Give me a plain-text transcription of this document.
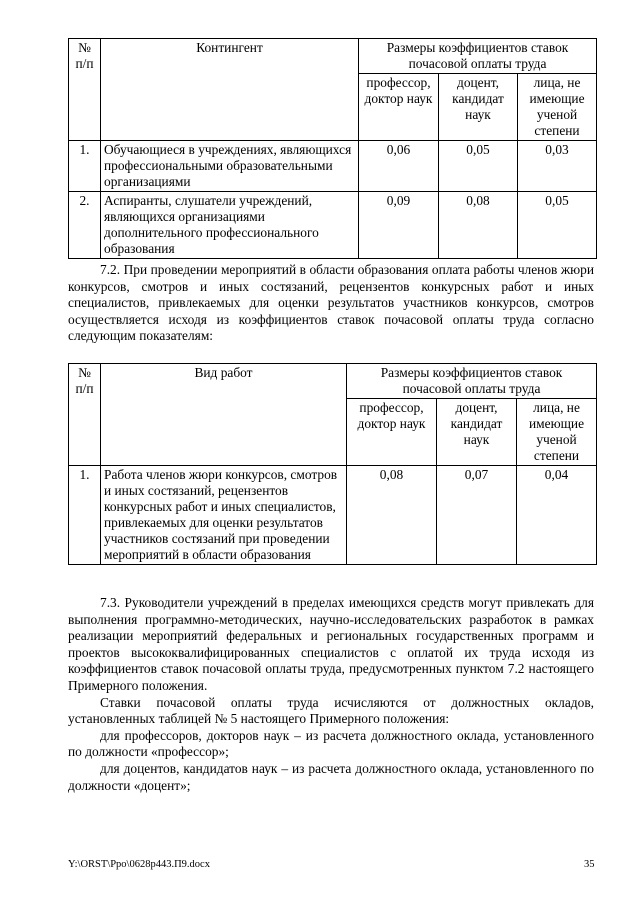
№ п/п	Контингент	Размеры коэффициентов ставок почасовой оплаты труда		
		профессор, доктор наук	доцент, кандидат наук	лица, не имеющие ученой степени
1.	Обучающиеся в учреждениях, являющихся профессиональными образовательными организациями	0,06	0,05	0,03
2.	Аспиранты, слушатели учреждений, являющихся организациями дополнительного профессионального образования	0,09	0,08	0,05

7.2. При проведении мероприятий в области образования оплата работы членов жюри конкурсов, смотров и иных состязаний, рецензентов конкурсных работ и иных специалистов, привлекаемых для оценки результатов участников конкурсов, смотров осуществляется исходя из коэффициентов ставок почасовой оплаты труда согласно следующим показателям:

№ п/п	Вид работ	Размеры коэффициентов ставок почасовой оплаты труда		
		профессор, доктор наук	доцент, кандидат наук	лица, не имеющие ученой степени
1.	Работа членов жюри конкурсов, смотров и иных состязаний, рецензентов конкурсных работ и иных специалистов, привлекаемых для оценки результатов участников состязаний при проведении мероприятий в области образования	0,08	0,07	0,04

7.3. Руководители учреждений в пределах имеющихся средств могут привлекать для выполнения программно-методических, научно-исследовательских разработок в рамках реализации мероприятий федеральных и региональных государственных программ и проектов высококвалифицированных специалистов с оплатой их труда исходя из коэффициентов ставок почасовой оплаты труда, предусмотренных пунктом 7.2 настоящего Примерного положения.

Ставки почасовой оплаты труда исчисляются от должностных окладов, установленных таблицей № 5 настоящего Примерного положения:

для профессоров, докторов наук – из расчета должностного оклада, установленного по должности «профессор»;

для доцентов, кандидатов наук – из расчета должностного оклада, установленного по должности «доцент»;

Y:\ORST\Ppo\0628p443.П9.docx	35
